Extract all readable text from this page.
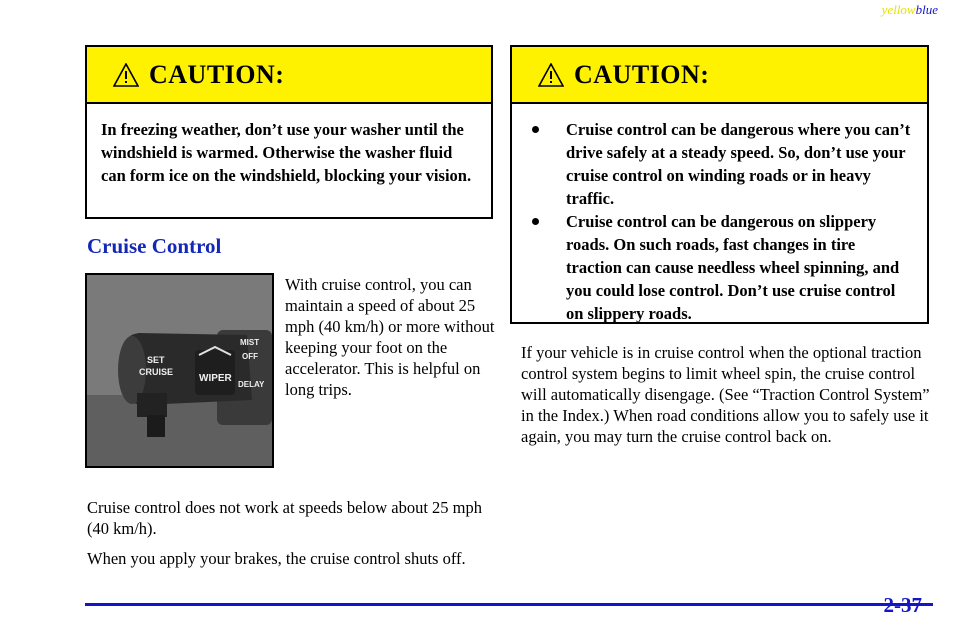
yellowblue
CAUTION:
In freezing weather, don’t use your washer until the windshield is warmed. Otherwise the washer fluid can form ice on the windshield, blocking your vision.
Cruise Control
SET
CRUISE
WIPER
MIST
OFF
DELAY
With cruise control, you can maintain a speed of about 25 mph (40 km/h) or more without keeping your foot on the accelerator. This is helpful on long trips.
Cruise control does not work at speeds below about 25 mph (40 km/h).
When you apply your brakes, the cruise control shuts off.
CAUTION:
Cruise control can be dangerous where you can’t drive safely at a steady speed. So, don’t use your cruise control on winding roads or in heavy traffic.
Cruise control can be dangerous on slippery roads. On such roads, fast changes in tire traction can cause needless wheel spinning, and you could lose control. Don’t use cruise control on slippery roads.
If your vehicle is in cruise control when the optional traction control system begins to limit wheel spin, the cruise control will automatically disengage. (See “Traction Control System” in the Index.) When road conditions allow you to safely use it again, you may turn the cruise control back on.
2-37
